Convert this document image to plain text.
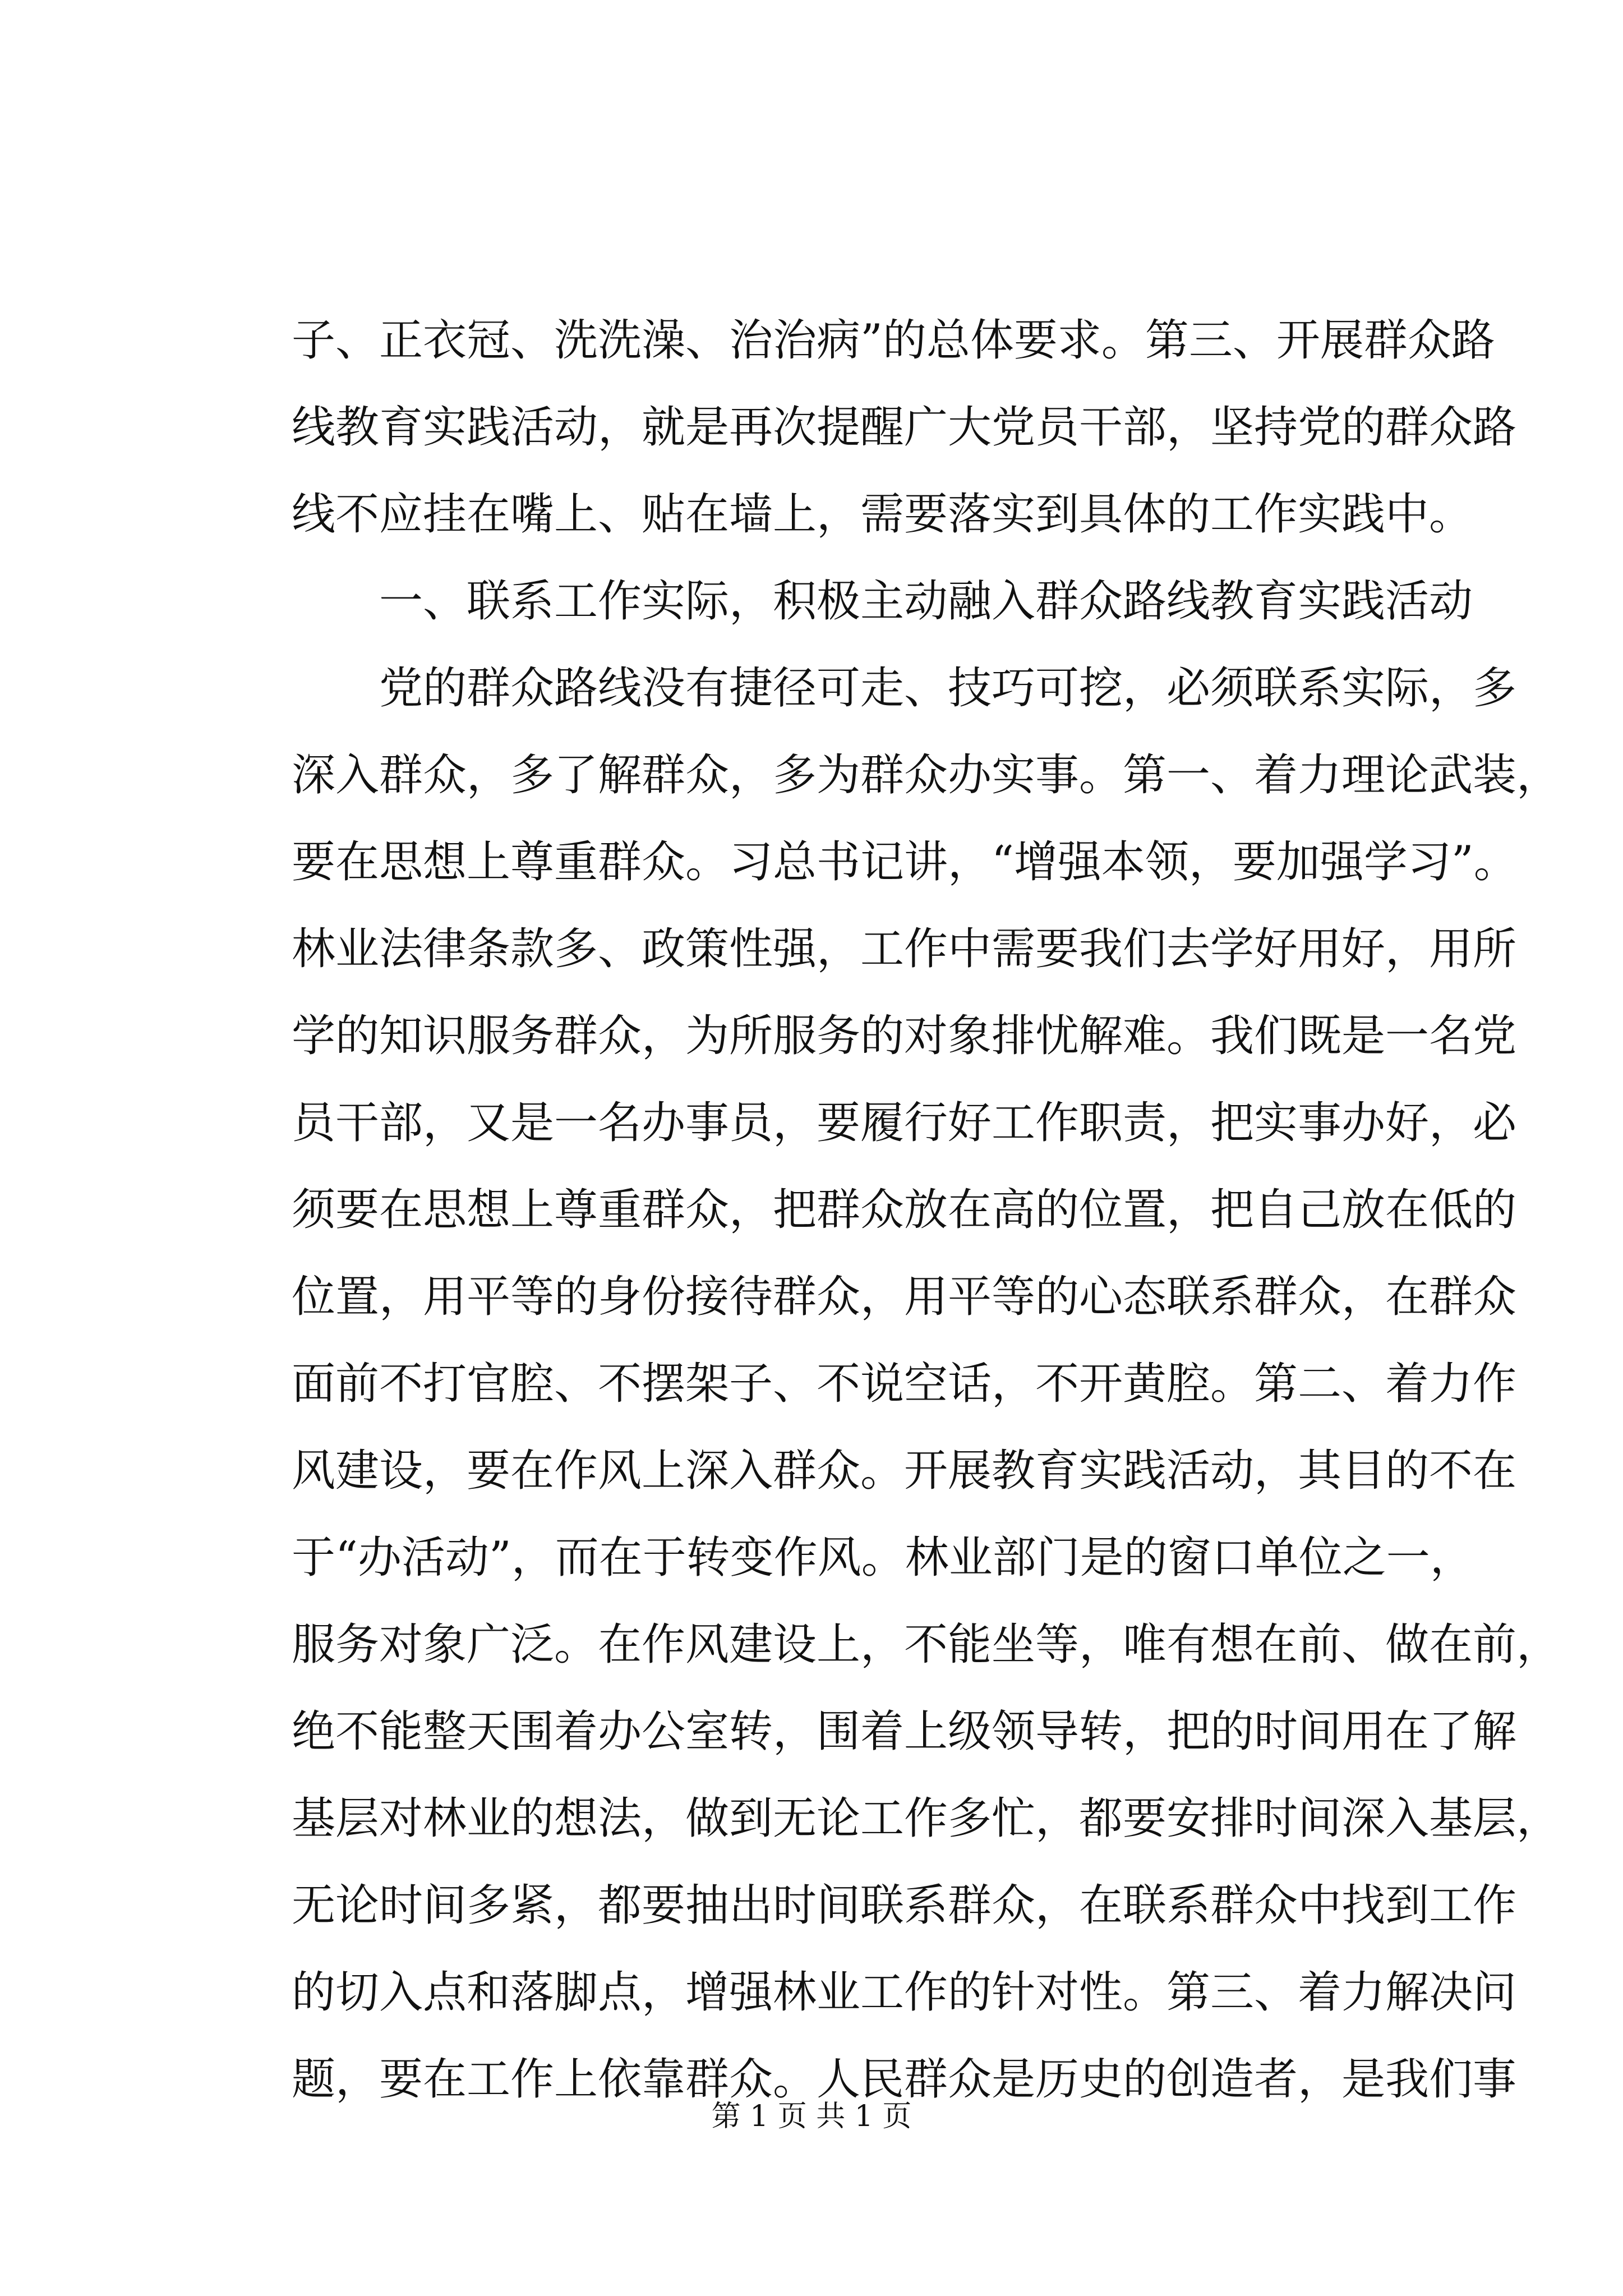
子、正衣冠、洗洗澡、治治病”的总体要求。第三、开展群众路
线教育实践活动，就是再次提醒广大党员干部，坚持党的群众路
线不应挂在嘴上、贴在墙上，需要落实到具体的工作实践中。
一、联系工作实际，积极主动融入群众路线教育实践活动
党的群众路线没有捷径可走、技巧可挖，必须联系实际，多
深入群众，多了解群众，多为群众办实事。第一、着力理论武装，
要在思想上尊重群众。习总书记讲，“增强本领，要加强学习”。
林业法律条款多、政策性强，工作中需要我们去学好用好，用所
学的知识服务群众，为所服务的对象排忧解难。我们既是一名党
员干部，又是一名办事员，要履行好工作职责，把实事办好，必
须要在思想上尊重群众，把群众放在高的位置，把自己放在低的
位置，用平等的身份接待群众，用平等的心态联系群众，在群众
面前不打官腔、不摆架子、不说空话，不开黄腔。第二、着力作
风建设，要在作风上深入群众。开展教育实践活动，其目的不在
于“办活动”，而在于转变作风。林业部门是的窗口单位之一，
服务对象广泛。在作风建设上，不能坐等，唯有想在前、做在前，
绝不能整天围着办公室转，围着上级领导转，把的时间用在了解
基层对林业的想法，做到无论工作多忙，都要安排时间深入基层，
无论时间多紧，都要抽出时间联系群众，在联系群众中找到工作
的切入点和落脚点，增强林业工作的针对性。第三、着力解决问
题，要在工作上依靠群众。人民群众是历史的创造者，是我们事
第 1 页 共 1 页
